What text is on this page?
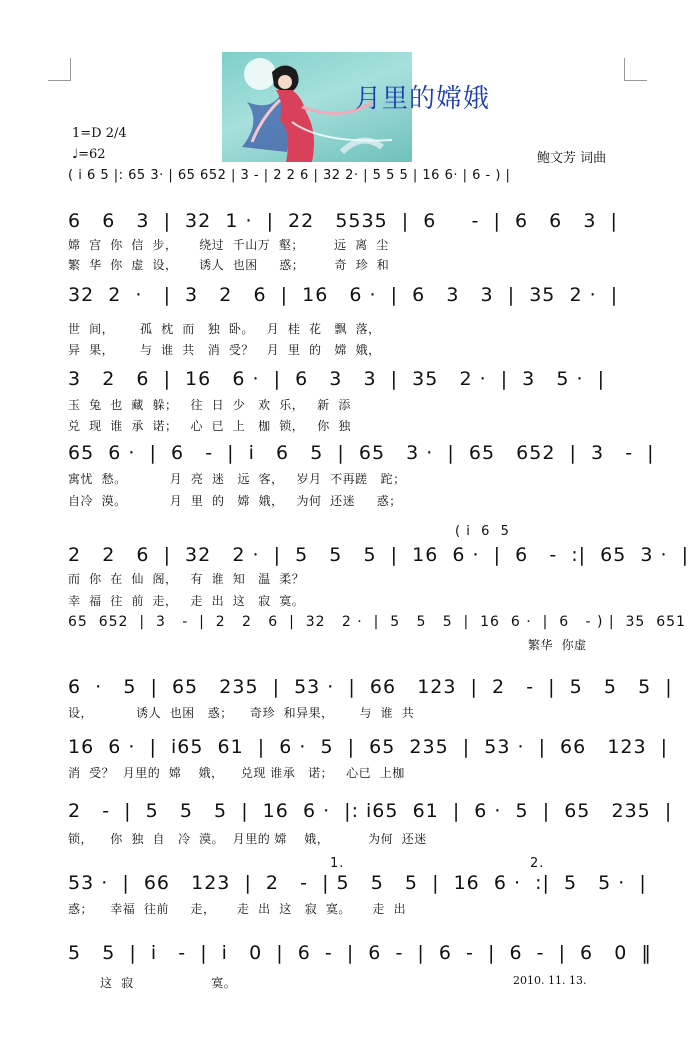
月里的嫦娥
1=D 2/4
♩=62	鲍文芳 词曲
( i 6 5 |: 65 3· | 65 652 | 3 - | 2 2 6 | 32 2· | 5 5 5 | 16 6· | 6 - ) |
6   6   3  |  32  1 ·  |  22   5535  |  6     -  |  6   6   3  |
嫦  宫  你  信  步，     绕过  千山万  壑；       远  离  尘
繁  华  你  虚  设，     诱人  也困     惑；       奇  珍  和
32  2  ·   |  3   2   6  |  16   6 ·  |  6   3   3  |  35  2 ·  |
世  间，      孤  枕  而   独  卧。   月  桂  花   飘  落，
异  果，      与  谁  共   消  受？   月  里  的   嫦  娥，
3   2   6  |  16   6 ·  |  6   3   3  |  35   2 ·  |  3   5 ·  |
玉  兔  也  藏  躲；   往  日  少   欢  乐，   新  添
兑  现  谁  承  诺；   心  已  上   枷  锁，   你  独
65  6 ·  |  6   -  |  i   6   5  |  65   3 ·  |  65   652  |  3   -  |
寓忧  愁。          月  亮  迷   远  客，   岁月  不再蹉   跎；
自冷  漠。          月  里  的   嫦  娥，   为何  还迷     惑；
( i  6  5
2   2   6  |  32   2 ·  |  5   5   5  |  16  6 ·  |  6   -  :|  65  3 ·  |
而  你  在  仙  阁，   有  谁  知   温  柔？
幸  福  往  前  走，   走  出  这   寂  寞。
65  652  |  3   -  |  2   2   6  |  32   2 ·  |  5   5   5  |  16  6 ·  |  6   - ) |  35  651
繁华  你虚
6  ·   5  |  65   235  |  53 ·  |  66   123  |  2   -  |  5   5   5  |
设，          诱人  也困   惑；    奇珍  和异果，      与  谁  共
16  6 ·  |  i65  61  |  6 ·  5  |  65  235  |  53 ·  |  66   123  |
消  受？  月里的  嫦    娥，    兑现 谁承   诺；   心已  上枷
2   -  |  5   5   5  |  16  6 ·  |: i65  61  |  6 ·  5  |  65   235  |
锁，    你  独  自   冷  漠。  月里的 嫦    娥，         为何  还迷
1.	2.
53 ·  |  66   123  |  2   -  | 5   5   5  |  16  6 ·  :|  5   5 ·  |
惑；    幸福  往前     走，     走  出  这   寂  寞。     走  出
5   5  |  i   -  |  i   0  |  6  -  |  6  -  |  6  -  |  6  -  |  6   0  ‖
这  寂                  寞。	2010. 11. 13.
